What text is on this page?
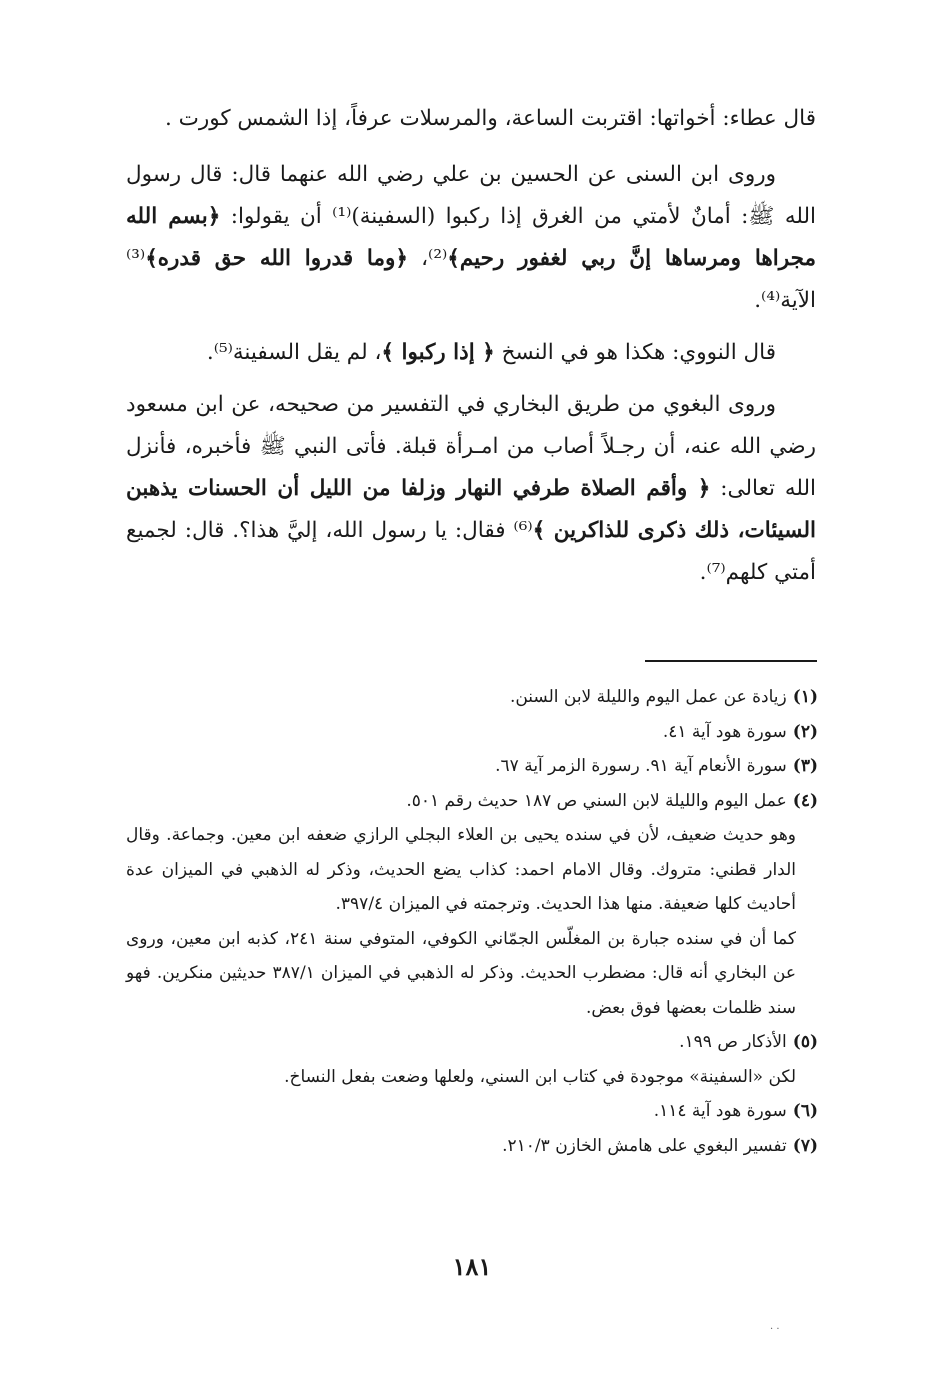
قال عطاء: أخواتها: اقتربت الساعة، والمرسلات عرفاً، إذا الشمس كورت .

وروى ابن السنى عن الحسين بن علي رضي الله عنهما قال: قال رسول الله ﷺ: أمانٌ لأمتي من الغرق إذا ركبوا (السفينة)⁽¹⁾ أن يقولوا: ﴿بسم الله مجراها ومرساها إنَّ ربي لغفور رحيم﴾⁽²⁾، ﴿وما قدروا الله حق قدره﴾⁽³⁾ الآية⁽⁴⁾.

قال النووي: هكذا هو في النسخ ﴿ إذا ركبوا ﴾، لم يقل السفينة⁽⁵⁾.

وروى البغوي من طريق البخاري في التفسير من صحيحه، عن ابن مسعود رضي الله عنه، أن رجـلاً أصاب من امـرأة قبلة. فأتى النبي ﷺ فأخبره، فأنزل الله تعالى: ﴿ وأقم الصلاة طرفي النهار وزلفا من الليل أن الحسنات يذهبن السيئات، ذلك ذكرى للذاكرين ﴾⁽⁶⁾ فقال: يا رسول الله، إليَّ هذا؟. قال: لجميع أمتي كلهم⁽⁷⁾.

(١)زيادة عن عمل اليوم والليلة لابن السنن.

(٢)سورة هود آية ٤١.

(٣)سورة الأنعام آية ٩١. رسورة الزمر آية ٦٧.

(٤)عمل اليوم والليلة لابن السني ص ١٨٧ حديث رقم ٥٠١.

وهو حديث ضعيف، لأن في سنده يحيى بن العلاء البجلي الرازي ضعفه ابن معين. وجماعة. وقال الدار قطني: متروك. وقال الامام احمد: كذاب يضع الحديث، وذكر له الذهبي في الميزان عدة أحاديث كلها ضعيفة. منها هذا الحديث. وترجمته في الميزان ٣٩٧/٤.

كما أن في سنده جبارة بن المغلّس الجمّاني الكوفي، المتوفي سنة ٢٤١، كذبه ابن معين، وروى عن البخاري أنه قال: مضطرب الحديث. وذكر له الذهبي في الميزان ٣٨٧/١ حديثين منكرين. فهو سند ظلمات بعضها فوق بعض.

(٥)الأذكار ص ١٩٩.

لكن «السفينة» موجودة في كتاب ابن السني، ولعلها وضعت بفعل النساخ.

(٦)سورة هود آية ١١٤.

(٧)تفسير البغوي على هامش الخازن ٢١٠/٣.

١٨١
· ·
